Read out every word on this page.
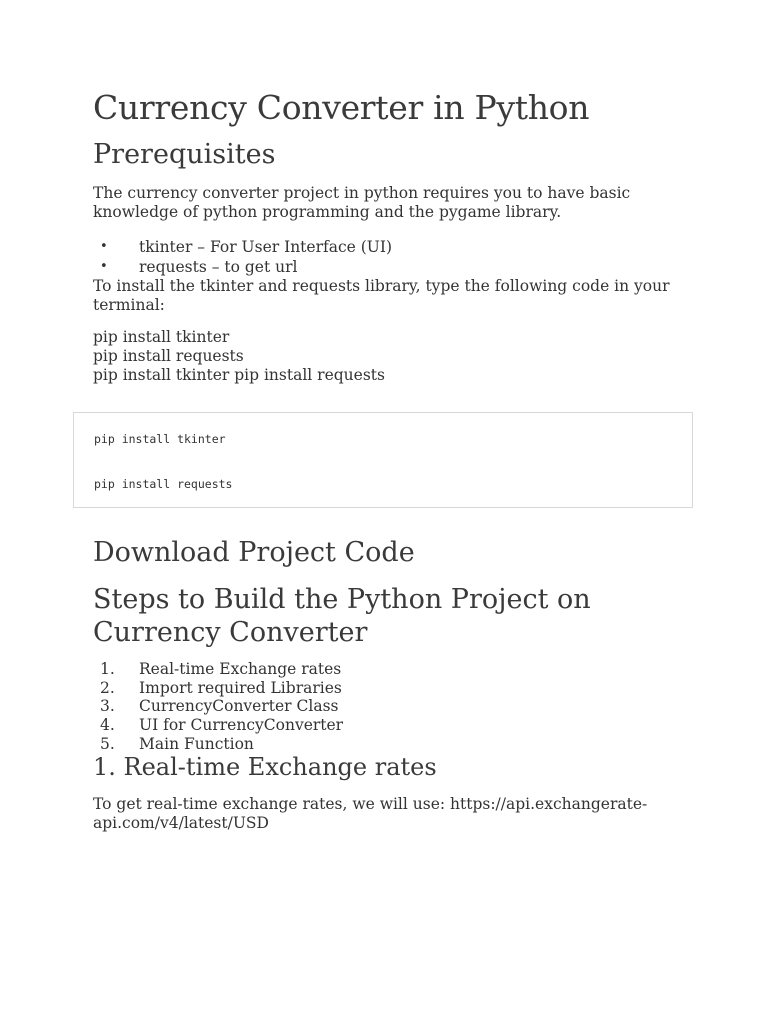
Currency Converter in Python
Prerequisites

The currency converter project in python requires you to have basic knowledge of python programming and the pygame library.

• tkinter – For User Interface (UI)
• requests – to get url

To install the tkinter and requests library, type the following code in your terminal:

pip install tkinter
pip install requests
pip install tkinter pip install requests
Download Project Code
Steps to Build the Python Project on Currency Converter
1. Real-time Exchange rates
2. Import required Libraries
3. CurrencyConverter Class
4. UI for CurrencyConverter
5. Main Function
1. Real-time Exchange rates

To get real-time exchange rates, we will use: https://api.exchangerate-api.com/v4/latest/USD

pip install tkinter
pip install requests
